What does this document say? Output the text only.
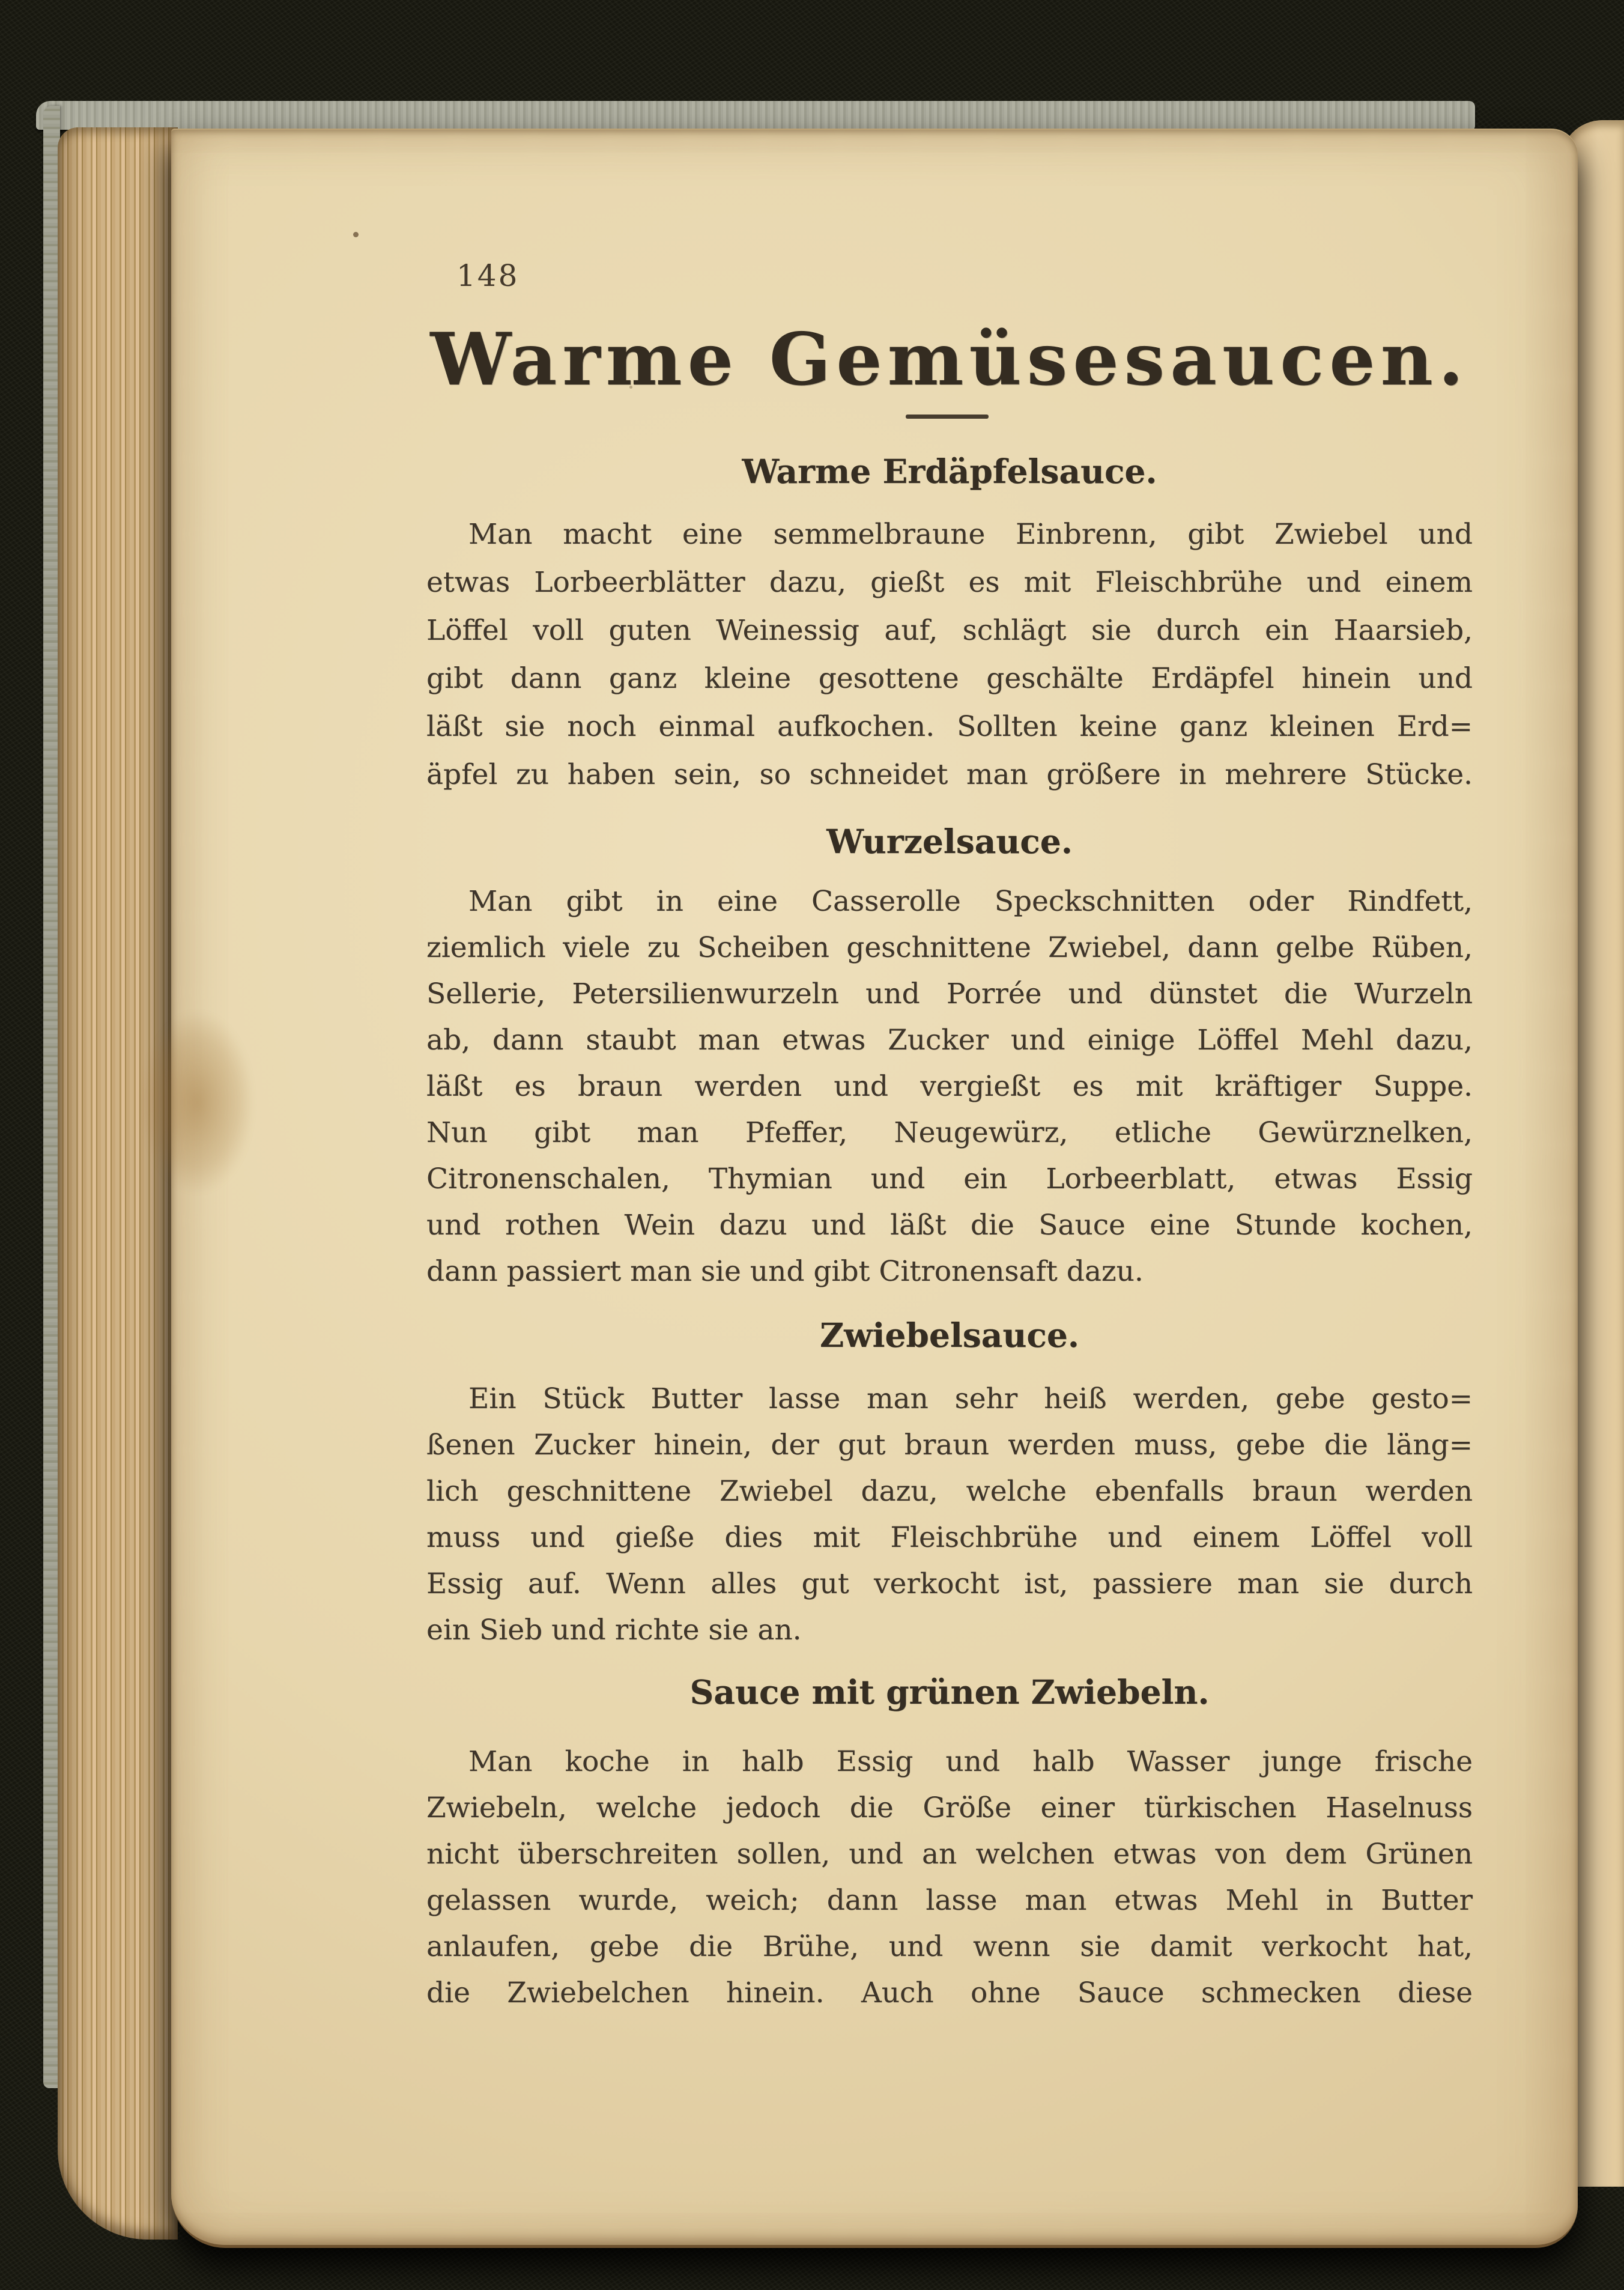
148
Warme Gemüsesaucen.
Warme Erdäpfelsauce.
Man macht eine semmelbraune Einbrenn, gibt Zwiebel und
etwas Lorbeerblätter dazu, gießt es mit Fleischbrühe und einem
Löffel voll guten Weinessig auf, schlägt sie durch ein Haarsieb,
gibt dann ganz kleine gesottene geschälte Erdäpfel hinein und
läßt sie noch einmal aufkochen. Sollten keine ganz kleinen Erd=
äpfel zu haben sein, so schneidet man größere in mehrere Stücke.
Wurzelsauce.
Man gibt in eine Casserolle Speckschnitten oder Rindfett,
ziemlich viele zu Scheiben geschnittene Zwiebel, dann gelbe Rüben,
Sellerie, Petersilienwurzeln und Porrée und dünstet die Wurzeln
ab, dann staubt man etwas Zucker und einige Löffel Mehl dazu,
läßt es braun werden und vergießt es mit kräftiger Suppe.
Nun gibt man Pfeffer, Neugewürz, etliche Gewürznelken,
Citronenschalen, Thymian und ein Lorbeerblatt, etwas Essig
und rothen Wein dazu und läßt die Sauce eine Stunde kochen,
dann passiert man sie und gibt Citronensaft dazu.
Zwiebelsauce.
Ein Stück Butter lasse man sehr heiß werden, gebe gesto=
ßenen Zucker hinein, der gut braun werden muss, gebe die läng=
lich geschnittene Zwiebel dazu, welche ebenfalls braun werden
muss und gieße dies mit Fleischbrühe und einem Löffel voll
Essig auf. Wenn alles gut verkocht ist, passiere man sie durch
ein Sieb und richte sie an.
Sauce mit grünen Zwiebeln.
Man koche in halb Essig und halb Wasser junge frische
Zwiebeln, welche jedoch die Größe einer türkischen Haselnuss
nicht überschreiten sollen, und an welchen etwas von dem Grünen
gelassen wurde, weich; dann lasse man etwas Mehl in Butter
anlaufen, gebe die Brühe, und wenn sie damit verkocht hat,
die Zwiebelchen hinein. Auch ohne Sauce schmecken diese
